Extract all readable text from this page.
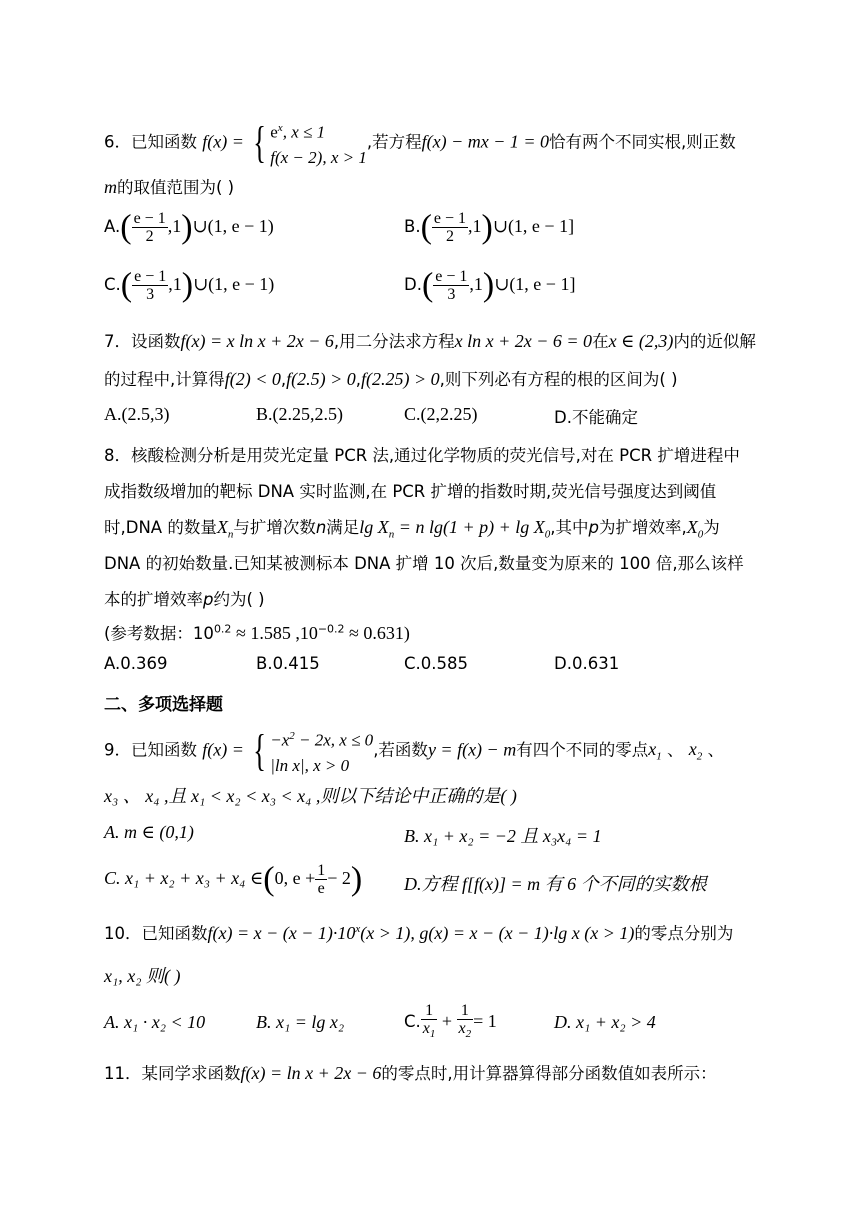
6．已知函数 f(x) = { $e^x$, x ≤ 1
f(x − 2), x > 1
,若方程f(x) − mx − 1 = 0恰有两个不同实根,则正数
m的取值范围为( )
$A.( \frac{e - 1}{2}$ ,1)∪(1, e − 1)	$B.( \frac{e - 1}{2}$ ,1)∪(1, e − 1]
$C.( \frac{e - 1}{3}$ ,1)∪(1, e − 1)	$D.( \frac{e - 1}{3}$ ,1)∪(1, e − 1]
7．设函数f(x) = x ln x + 2x − 6,用二分法求方程x ln x + 2x − 6 = 0在x ∈ (2,3)内的近似解
的过程中,计算得f(2) < 0,f(2.5) > 0,f(2.25) > 0,则下列必有方程的根的区间为( )
A.(2.5,3)	B.(2.25,2.5)	C.(2,2.25)	D.不能确定
8．核酸检测分析是用荧光定量 PCR 法,通过化学物质的荧光信号,对在 PCR 扩增进程中
成指数级增加的靶标 DNA 实时监测,在 PCR 扩增的指数时期,荧光信号强度达到阈值
时,DNA 的数量$X_n$与扩增次数n满足$\lg X_n = n$ $\lg(1 + p) + \lg X_0$,其中p为扩增效率$,X_0$为
DNA 的初始数量.已知某被测标本 DNA 扩增 10 次后,数量变为原来的 100 倍,那么该样
本的扩增效率p约为( )
(参考数据：$10^{0.2} \approx 1.585$ $,10^{-0.2} \approx 0.631$)
A.0.369	B.0.415	C.0.585	D.0.631
二、多项选择题
9．已知函数 f(x) = { $-x^2 - 2x$, x ≤ 0
|ln x|, x > 0
,若函数y = f(x) − m有四个不同的零点$x_1$ 、 $x_2$ 、
x₃ 、 x₄ ,且 x₁ < x₂ < x₃ < x₄ ,则以下结论中正确的是( )
A. m ∈ (0,1)	B. x₁ + x₂ = −2 且 x₃x₄ = 1
C. x₁ + x₂ + x₃ + x₄ ∈(0, $e + \frac{1}{e} - 2$) D.方程 f[f(x)] = m 有 6 个不同的实数根
10．已知函数$f(x) = x - (x - 1)\cdot 10^x(x > 1)$, g(x) = x − (x − 1)·lg x (x > 1)的零点分别为
x₁, x₂ 则( )
A. x₁ · x₂ < 10	B. x₁ = lg x₂	C. $\frac{1}{x_1} + \frac{1}{x_2} = 1$	D. x₁ + x₂ > 4
11．某同学求函数f(x) = ln x + 2x − 6的零点时,用计算器算得部分函数值如表所示：
